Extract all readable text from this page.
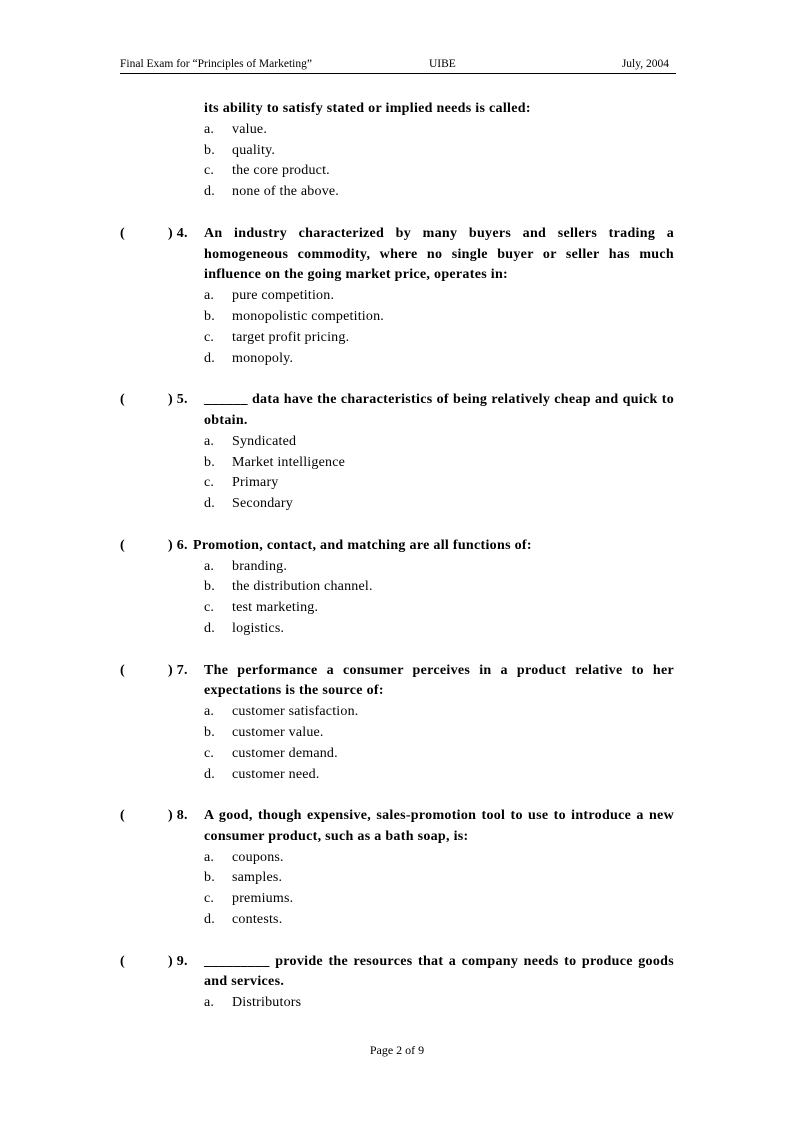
Final Exam for “Principles of Marketing”	UIBE	July, 2004
its ability to satisfy stated or implied needs is called:
a. value.
b. quality.
c. the core product.
d. none of the above.
(	) 4. An industry characterized by many buyers and sellers trading a homogeneous commodity, where no single buyer or seller has much influence on the going market price, operates in:
a. pure competition.
b. monopolistic competition.
c. target profit pricing.
d. monopoly.
(	) 5. ______ data have the characteristics of being relatively cheap and quick to obtain.
a. Syndicated
b. Market intelligence
c. Primary
d. Secondary
(	) 6. Promotion, contact, and matching are all functions of:
a. branding.
b. the distribution channel.
c. test marketing.
d. logistics.
(	) 7. The performance a consumer perceives in a product relative to her expectations is the source of:
a. customer satisfaction.
b. customer value.
c. customer demand.
d. customer need.
(	) 8. A good, though expensive, sales-promotion tool to use to introduce a new consumer product, such as a bath soap, is:
a. coupons.
b. samples.
c. premiums.
d. contests.
(	) 9. _________ provide the resources that a company needs to produce goods and services.
a. Distributors
Page 2 of 9
